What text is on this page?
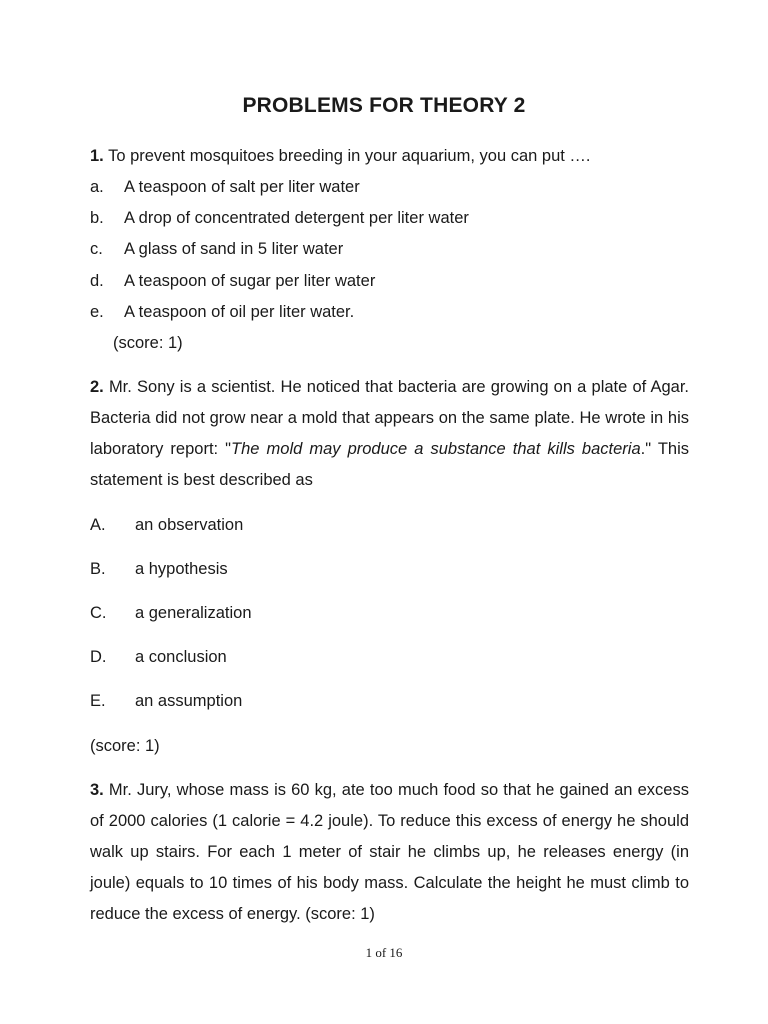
PROBLEMS FOR THEORY 2
1. To prevent mosquitoes breeding in your aquarium, you can put ….
a. A teaspoon of salt per liter water
b. A drop of concentrated detergent per liter water
c. A glass of sand in 5 liter water
d. A teaspoon of sugar per liter water
e. A teaspoon of oil per liter water.
(score: 1)
2. Mr. Sony is a scientist. He noticed that bacteria are growing on a plate of Agar. Bacteria did not grow near a mold that appears on the same plate. He wrote in his laboratory report: "The mold may produce a substance that kills bacteria." This statement is best described as
A. an observation
B. a hypothesis
C. a generalization
D. a conclusion
E. an assumption
(score: 1)
3. Mr. Jury, whose mass is 60 kg, ate too much food so that he gained an excess of 2000 calories (1 calorie = 4.2 joule). To reduce this excess of energy he should walk up stairs. For each 1 meter of stair he climbs up, he releases energy (in joule) equals to 10 times of his body mass. Calculate the height he must climb to reduce the excess of energy. (score: 1)
1 of 16
